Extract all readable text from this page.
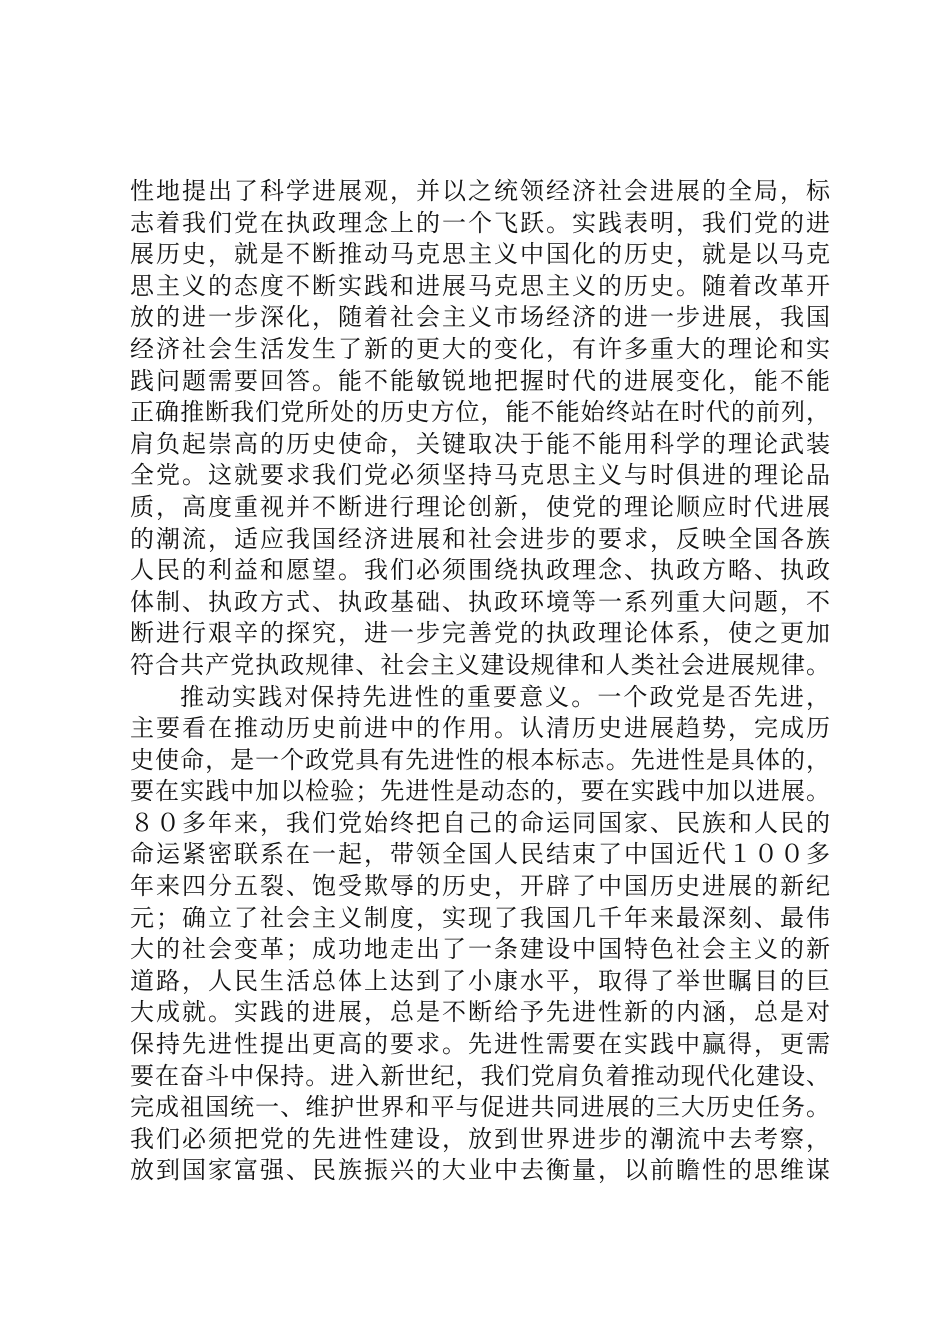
性地提出了科学进展观，并以之统领经济社会进展的全局，标
志着我们党在执政理念上的一个飞跃。实践表明，我们党的进
展历史，就是不断推动马克思主义中国化的历史，就是以马克
思主义的态度不断实践和进展马克思主义的历史。随着改革开
放的进一步深化，随着社会主义市场经济的进一步进展，我国
经济社会生活发生了新的更大的变化，有许多重大的理论和实
践问题需要回答。能不能敏锐地把握时代的进展变化，能不能
正确推断我们党所处的历史方位，能不能始终站在时代的前列，
肩负起崇高的历史使命，关键取决于能不能用科学的理论武装
全党。这就要求我们党必须坚持马克思主义与时俱进的理论品
质，高度重视并不断进行理论创新，使党的理论顺应时代进展
的潮流，适应我国经济进展和社会进步的要求，反映全国各族
人民的利益和愿望。我们必须围绕执政理念、执政方略、执政
体制、执政方式、执政基础、执政环境等一系列重大问题，不
断进行艰辛的探究，进一步完善党的执政理论体系，使之更加
符合共产党执政规律、社会主义建设规律和人类社会进展规律。
推动实践对保持先进性的重要意义。一个政党是否先进，
主要看在推动历史前进中的作用。认清历史进展趋势，完成历
史使命，是一个政党具有先进性的根本标志。先进性是具体的，
要在实践中加以检验；先进性是动态的，要在实践中加以进展。
８０多年来，我们党始终把自己的命运同国家、民族和人民的
命运紧密联系在一起，带领全国人民结束了中国近代１００多
年来四分五裂、饱受欺辱的历史，开辟了中国历史进展的新纪
元；确立了社会主义制度，实现了我国几千年来最深刻、最伟
大的社会变革；成功地走出了一条建设中国特色社会主义的新
道路，人民生活总体上达到了小康水平，取得了举世瞩目的巨
大成就。实践的进展，总是不断给予先进性新的内涵，总是对
保持先进性提出更高的要求。先进性需要在实践中赢得，更需
要在奋斗中保持。进入新世纪，我们党肩负着推动现代化建设、
完成祖国统一、维护世界和平与促进共同进展的三大历史任务。
我们必须把党的先进性建设，放到世界进步的潮流中去考察，
放到国家富强、民族振兴的大业中去衡量，以前瞻性的思维谋
